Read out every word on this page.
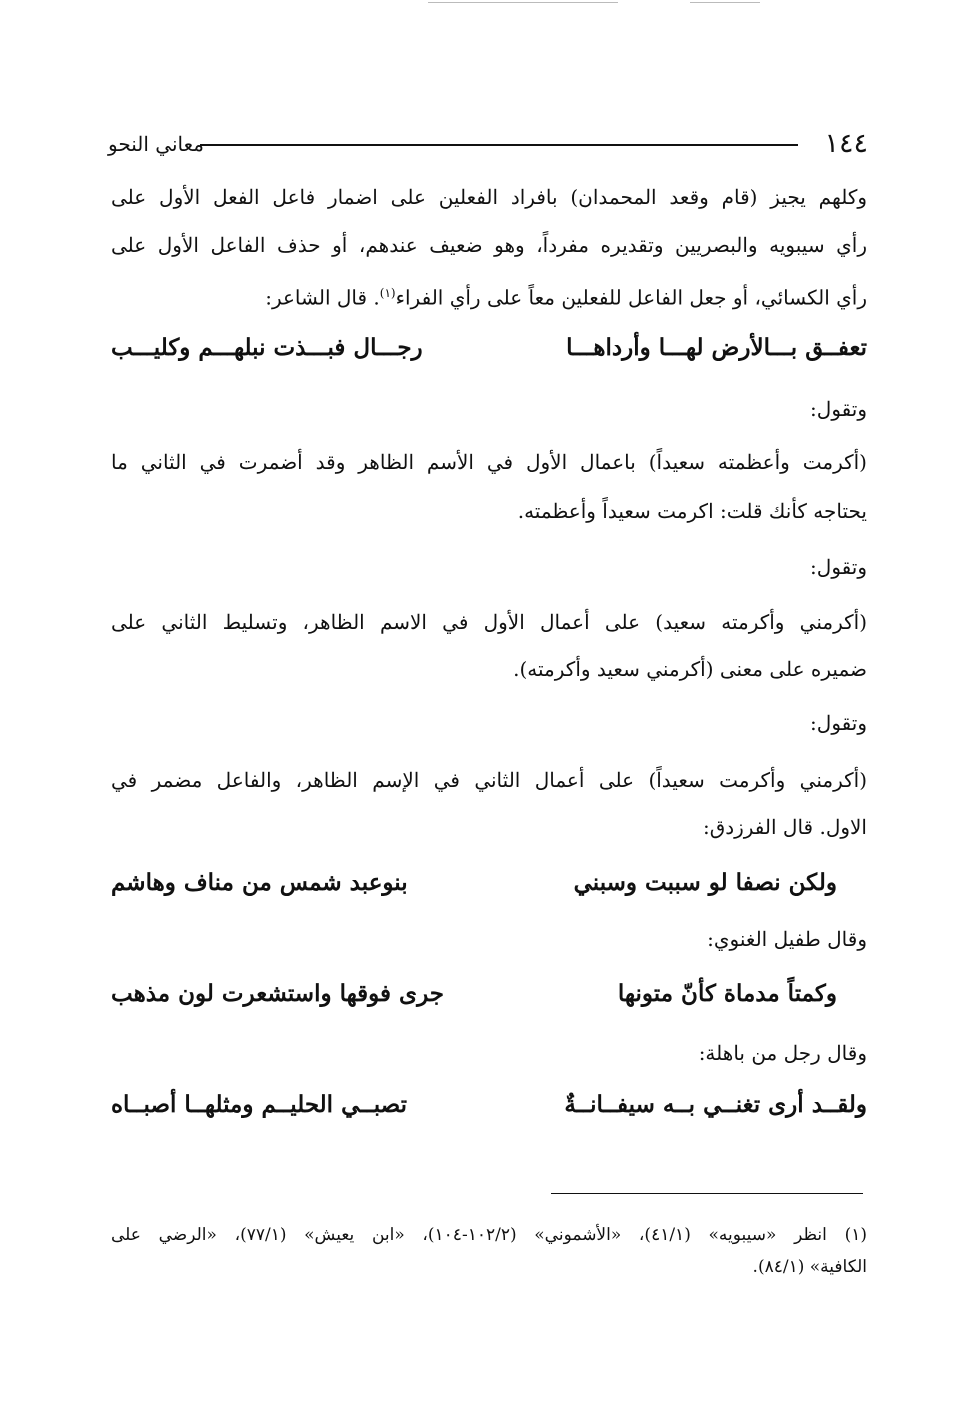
١٤٤
معاني النحو
وكلهم يجيز (قام وقعد المحمدان) بافراد الفعلين على اضمار فاعل الفعل الأول على
رأي سيبويه والبصريين وتقديره مفرداً، وهو ضعيف عندهم، أو حذف الفاعل الأول على
رأي الكسائي، أو جعل الفاعل للفعلين معاً على رأي الفراء$^{(١)}$. قال الشاعر:
تعفــق بـــالأرض لهـــا وأرداهـــا
رجـــال فبـــذت نبلهـــم وكليـــب
وتقول:
(أكرمت وأعظمته سعيداً) باعمال الأول في الأسم الظاهر وقد أضمرت في الثاني ما
يحتاجه كأنك قلت: اكرمت سعيداً وأعظمته.
وتقول:
(أكرمني وأكرمته سعيد) على أعمال الأول في الاسم الظاهر، وتسليط الثاني على
ضميره على معنى (أكرمني سعيد وأكرمته).
وتقول:
(أكرمني وأكرمت سعيداً) على أعمال الثاني في الإسم الظاهر، والفاعل مضمر في
الاول. قال الفرزدق:
ولكن نصفا لو سببت وسبني
بنوعبد شمس من مناف وهاشم
وقال طفيل الغنوي:
وكمتاً مدماة كأنّ متونها
جرى فوقها واستشعرت لون مذهب
وقال رجل من باهلة:
ولقــد أرى تغنــي بــه سيفــانــةٌ
تصبــي الحليــم ومثلهــا أصبــاه
(١) انظر «سيبويه» (٤١/١)، «الأشموني» (١٠٢/٢-١٠٤)، «ابن يعيش» (٧٧/١)، «الرضي على
الكافية» (٨٤/١).
